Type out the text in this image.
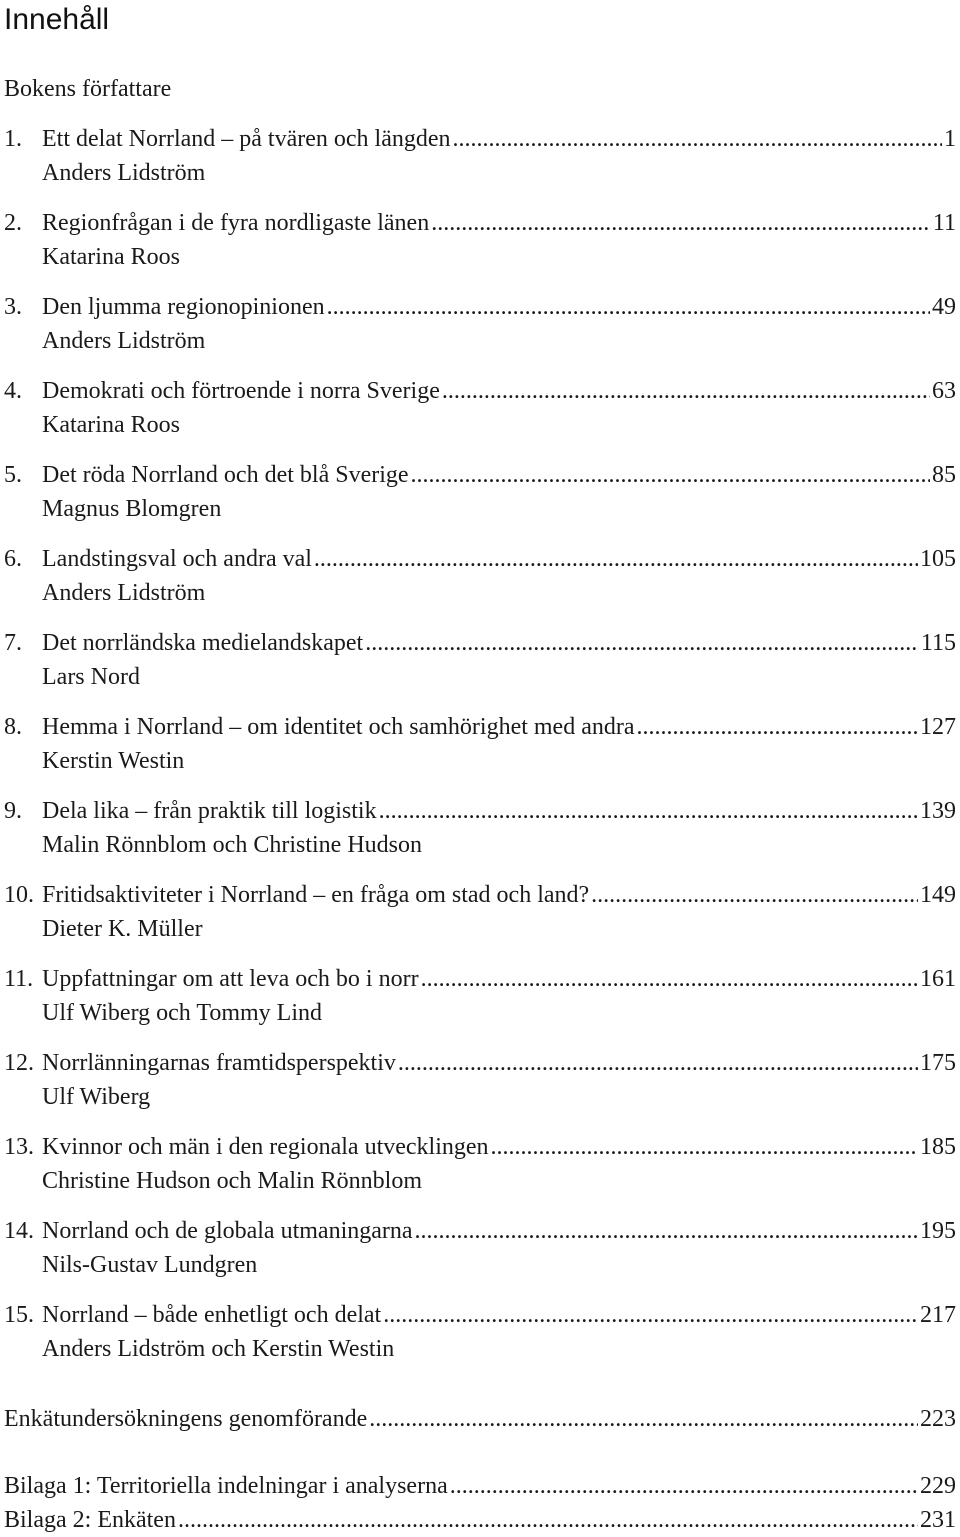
Innehåll
Bokens författare
1. Ett delat Norrland – på tvären och längden .....	1
Anders Lidström
2. Regionfrågan i de fyra nordligaste länen .....	11
Katarina Roos
3. Den ljumma regionopinionen .....	49
Anders Lidström
4. Demokrati och förtroende i norra Sverige .....	63
Katarina Roos
5. Det röda Norrland och det blå Sverige .....	85
Magnus Blomgren
6. Landstingsval och andra val .....	105
Anders Lidström
7. Det norrländska medielandskapet .....	115
Lars Nord
8. Hemma i Norrland – om identitet och samhörighet med andra .....	127
Kerstin Westin
9. Dela lika – från praktik till logistik .....	139
Malin Rönnblom och Christine Hudson
10. Fritidsaktiviteter i Norrland – en fråga om stad och land? .....	149
Dieter K. Müller
11. Uppfattningar om att leva och bo i norr .....	161
Ulf Wiberg och Tommy Lind
12. Norrlänningarnas framtidsperspektiv .....	175
Ulf Wiberg
13. Kvinnor och män i den regionala utvecklingen .....	185
Christine Hudson och Malin Rönnblom
14. Norrland och de globala utmaningarna .....	195
Nils-Gustav Lundgren
15. Norrland – både enhetligt och delat .....	217
Anders Lidström och Kerstin Westin
Enkätundersökningens genomförande .....	223
Bilaga 1: Territoriella indelningar i analyserna .....	229
Bilaga 2: Enkäten .....	231
